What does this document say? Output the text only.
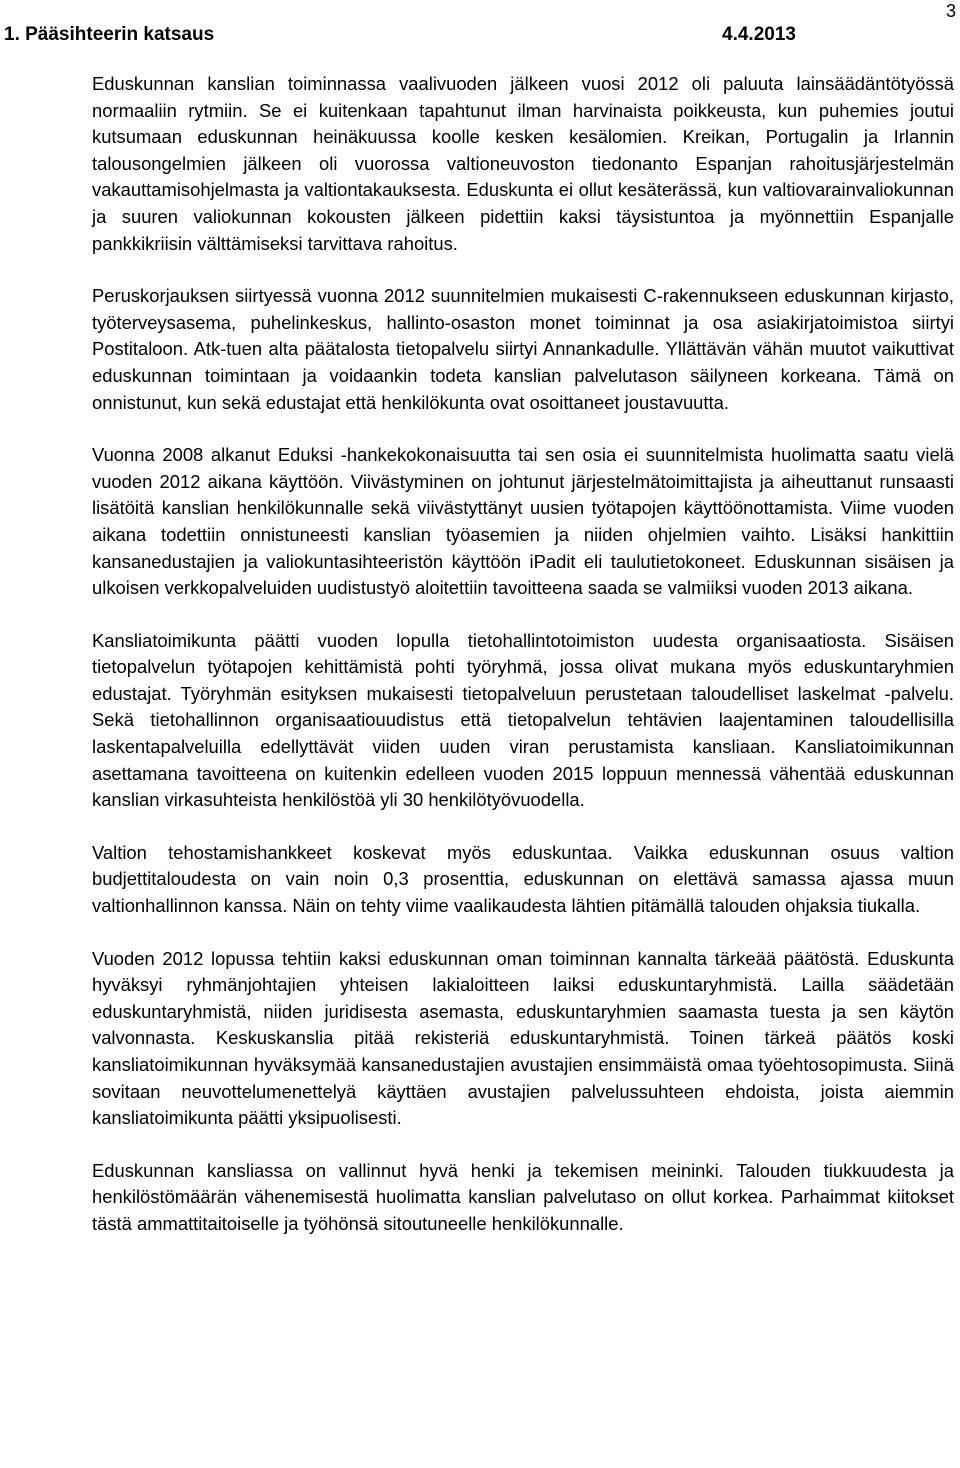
3
1. Pääsihteerin katsaus	4.4.2013

Eduskunnan kanslian toiminnassa vaalivuoden jälkeen vuosi 2012 oli paluuta lainsäädäntötyössä normaaliin rytmiin. Se ei kuitenkaan tapahtunut ilman harvinaista poikkeusta, kun puhemies joutui kutsumaan eduskunnan heinäkuussa koolle kesken kesälomien. Kreikan, Portugalin ja Irlannin talousongelmien jälkeen oli vuorossa valtioneuvoston tiedonanto Espanjan rahoitusjärjestelmän vakauttamisohjelmasta ja valtiontakauksesta. Eduskunta ei ollut kesäterässä, kun valtiovarainvaliokunnan ja suuren valiokunnan kokousten jälkeen pidettiin kaksi täysistuntoa ja myönnettiin Espanjalle pankkikriisin välttämiseksi tarvittava rahoitus.

Peruskorjauksen siirtyessä vuonna 2012 suunnitelmien mukaisesti C-rakennukseen eduskunnan kirjasto, työterveysasema, puhelinkeskus, hallinto-osaston monet toiminnat ja osa asiakirjatoimistoa siirtyi Postitaloon. Atk-tuen alta päätalosta tietopalvelu siirtyi Annankadulle. Yllättävän vähän muutot vaikuttivat eduskunnan toimintaan ja voidaankin todeta kanslian palvelutason säilyneen korkeana. Tämä on onnistunut, kun sekä edustajat että henkilökunta ovat osoittaneet joustavuutta.

Vuonna 2008 alkanut Eduksi -hankekokonaisuutta tai sen osia ei suunnitelmista huolimatta saatu vielä vuoden 2012 aikana käyttöön. Viivästyminen on johtunut järjestelmätoimittajista ja aiheuttanut runsaasti lisätöitä kanslian henkilökunnalle sekä viivästyttänyt uusien työtapojen käyttöönottamista. Viime vuoden aikana todettiin onnistuneesti kanslian työasemien ja niiden ohjelmien vaihto. Lisäksi hankittiin kansanedustajien ja valiokuntasihteeristön käyttöön iPadit eli taulutietokoneet. Eduskunnan sisäisen ja ulkoisen verkkopalveluiden uudistustyö aloitettiin tavoitteena saada se valmiiksi vuoden 2013 aikana.

Kansliatoimikunta päätti vuoden lopulla tietohallintotoimiston uudesta organisaatiosta. Sisäisen tietopalvelun työtapojen kehittämistä pohti työryhmä, jossa olivat mukana myös eduskuntaryhmien edustajat. Työryhmän esityksen mukaisesti tietopalveluun perustetaan taloudelliset laskelmat -palvelu. Sekä tietohallinnon organisaatiouudistus että tietopalvelun tehtävien laajentaminen taloudellisilla laskentapalveluilla edellyttävät viiden uuden viran perustamista kansliaan. Kansliatoimikunnan asettamana tavoitteena on kuitenkin edelleen vuoden 2015 loppuun mennessä vähentää eduskunnan kanslian virkasuhteista henkilöstöä yli 30 henkilötyövuodella.

Valtion tehostamishankkeet koskevat myös eduskuntaa. Vaikka eduskunnan osuus valtion budjettitaloudesta on vain noin 0,3 prosenttia, eduskunnan on elettävä samassa ajassa muun valtionhallinnon kanssa. Näin on tehty viime vaalikaudesta lähtien pitämällä talouden ohjaksia tiukalla.

Vuoden 2012 lopussa tehtiin kaksi eduskunnan oman toiminnan kannalta tärkeää päätöstä. Eduskunta hyväksyi ryhmänjohtajien yhteisen lakialoitteen laiksi eduskuntaryhmistä. Lailla säädetään eduskuntaryhmistä, niiden juridisesta asemasta, eduskuntaryhmien saamasta tuesta ja sen käytön valvonnasta. Keskuskanslia pitää rekisteriä eduskuntaryhmistä. Toinen tärkeä päätös koski kansliatoimikunnan hyväksymää kansanedustajien avustajien ensimmäistä omaa työehtosopimusta. Siinä sovitaan neuvottelumenettelyä käyttäen avustajien palvelussuhteen ehdoista, joista aiemmin kansliatoimikunta päätti yksipuolisesti.

Eduskunnan kansliassa on vallinnut hyvä henki ja tekemisen meininki. Talouden tiukkuudesta ja henkilöstömäärän vähenemisestä huolimatta kanslian palvelutaso on ollut korkea. Parhaimmat kiitokset tästä ammattitaitoiselle ja työhönsä sitoutuneelle henkilökunnalle.
